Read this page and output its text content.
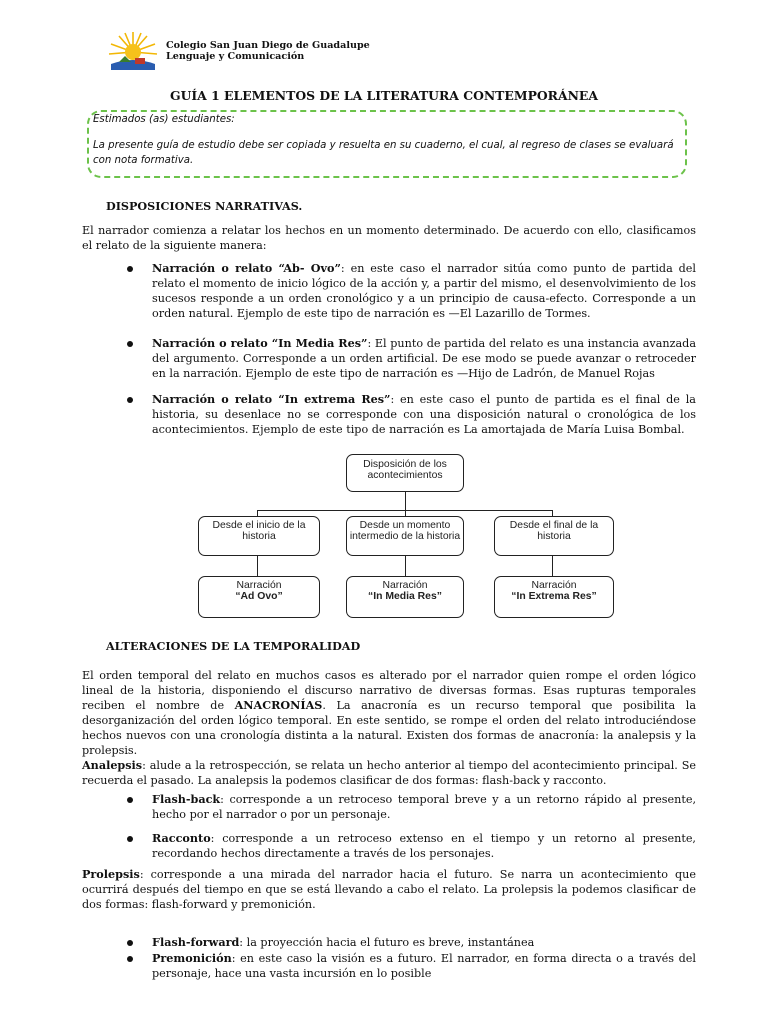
Colegio San Juan Diego de Guadalupe
Lenguaje y Comunicación
GUÍA 1 ELEMENTOS DE LA LITERATURA CONTEMPORÁNEA

Estimados (as) estudiantes:

La presente guía de estudio debe ser copiada y resuelta en su cuaderno, el cual, al regreso de clases se evaluará con nota formativa.

DISPOSICIONES NARRATIVAS.
El narrador comienza a relatar los hechos en un momento determinado. De acuerdo con ello, clasificamos el relato de la siguiente manera:
Narración o relato “Ab- Ovo”: en este caso el narrador sitúa como punto de partida del relato el momento de inicio lógico de la acción y, a partir del mismo, el desenvolvimiento de los sucesos responde a un orden cronológico y a un principio de causa-efecto. Corresponde a un orden natural. Ejemplo de este tipo de narración es —El Lazarillo de Tormes.
Narración o relato “In Media Res”: El punto de partida del relato es una instancia avanzada del argumento. Corresponde a un orden artificial. De ese modo se puede avanzar o retroceder en la narración. Ejemplo de este tipo de narración es —Hijo de Ladrón, de Manuel Rojas
Narración o relato “In extrema Res”: en este caso el punto de partida es el final de la historia, su desenlace no se corresponde con una disposición natural o cronológica de los acontecimientos. Ejemplo de este tipo de narración es La amortajada de María Luisa Bombal.
Disposición de los acontecimientos
Desde el inicio de la historia
Desde un momento intermedio de la historia
Desde el final de la historia
Narración
“Ad Ovo”
Narración
“In Media Res”
Narración
“In Extrema Res”
ALTERACIONES DE LA TEMPORALIDAD
El orden temporal del relato en muchos casos es alterado por el narrador quien rompe el orden lógico lineal de la historia, disponiendo el discurso narrativo de diversas formas. Esas rupturas temporales reciben el nombre de ANACRONÍAS. La anacronía es un recurso temporal que posibilita la desorganización del orden lógico temporal. En este sentido, se rompe el orden del relato introduciéndose hechos nuevos con una cronología distinta a la natural. Existen dos formas de anacronía: la analepsis y la prolepsis.
Analepsis: alude a la retrospección, se relata un hecho anterior al tiempo del acontecimiento principal. Se recuerda el pasado. La analepsis la podemos clasificar de dos formas: flash-back y racconto.
Flash-back: corresponde a un retroceso temporal breve y a un retorno rápido al presente, hecho por el narrador o por un personaje.
Racconto: corresponde a un retroceso extenso en el tiempo y un retorno al presente, recordando hechos directamente a través de los personajes.
Prolepsis: corresponde a una mirada del narrador hacia el futuro. Se narra un acontecimiento que ocurrirá después del tiempo en que se está llevando a cabo el relato. La prolepsis la podemos clasificar de dos formas: flash-forward y premonición.
Flash-forward: la proyección hacia el futuro es breve, instantánea
Premonición: en este caso la visión es a futuro. El narrador, en forma directa o a través del personaje, hace una vasta incursión en lo posible
